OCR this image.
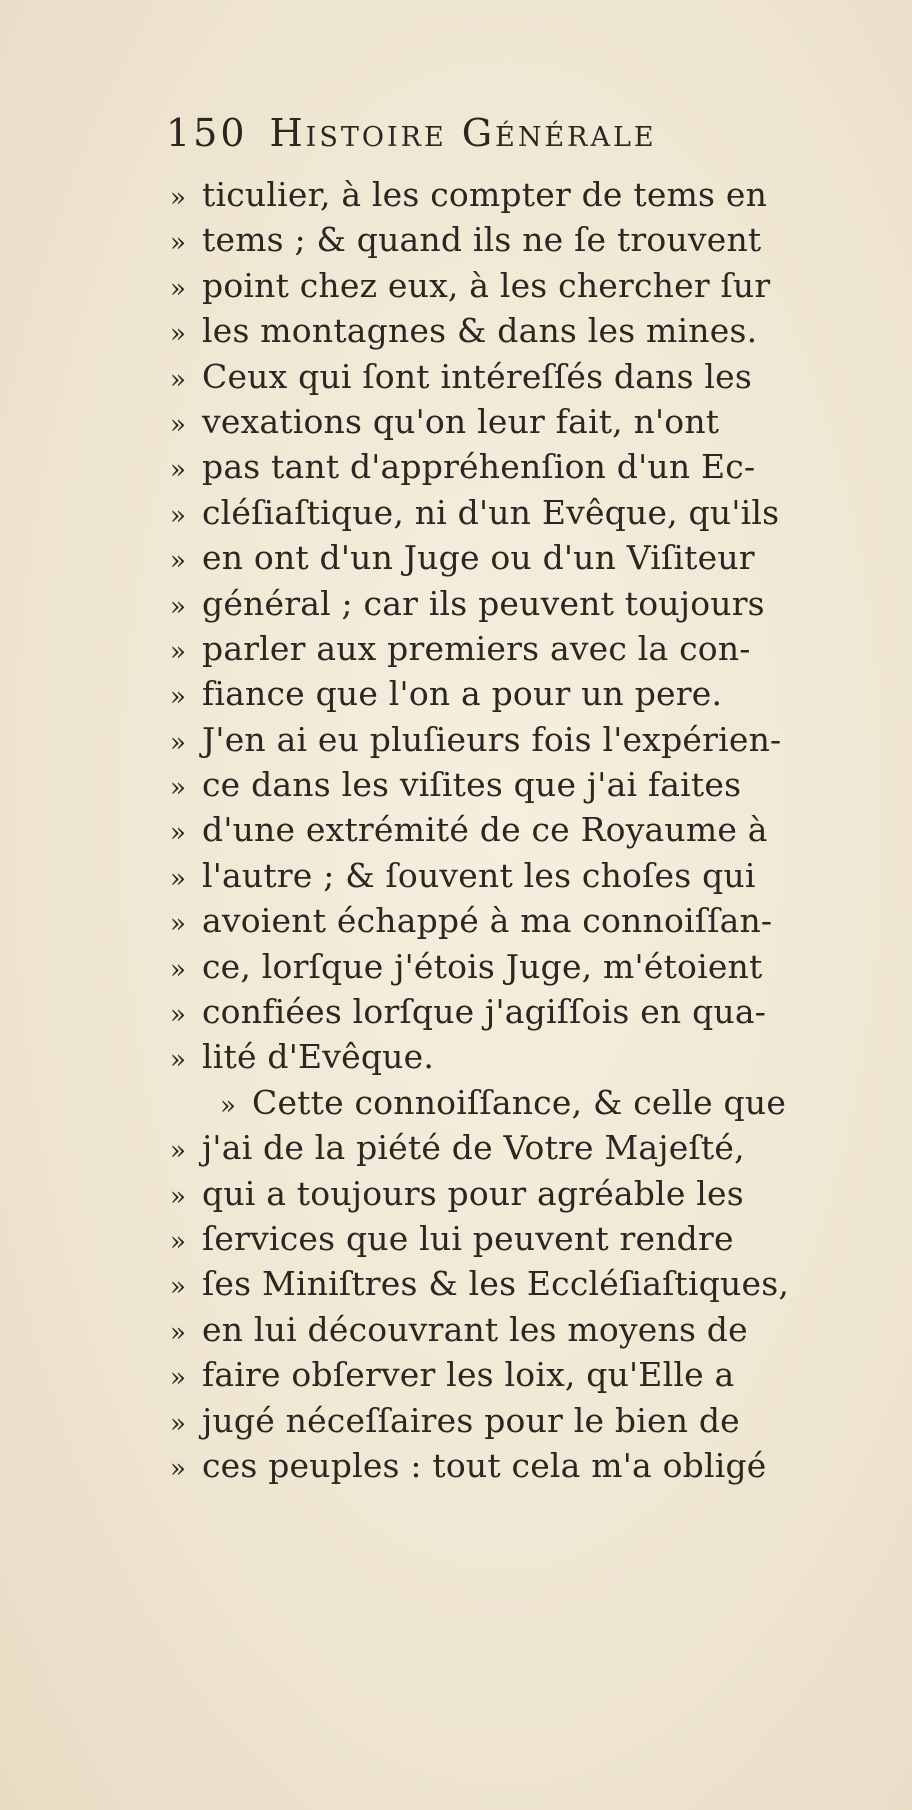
150 Histoire Générale
» ticulier, à les compter de tems en
» tems ; & quand ils ne ſe trouvent
» point chez eux, à les chercher ſur
» les montagnes & dans les mines.
» Ceux qui ſont intéreſſés dans les
» vexations qu'on leur fait, n'ont
» pas tant d'appréhenſion d'un Ec-
» cléſiaſtique, ni d'un Evêque, qu'ils
» en ont d'un Juge ou d'un Viſiteur
» général ; car ils peuvent toujours
» parler aux premiers avec la con-
» fiance que l'on a pour un pere.
» J'en ai eu pluſieurs fois l'expérien-
» ce dans les viſites que j'ai faites
» d'une extrémité de ce Royaume à
» l'autre ; & ſouvent les choſes qui
» avoient échappé à ma connoiſſan-
» ce, lorſque j'étois Juge, m'étoient
» confiées lorſque j'agiſſois en qua-
» lité d'Evêque.
» Cette connoiſſance, & celle que
» j'ai de la piété de Votre Majeſté,
» qui a toujours pour agréable les
» ſervices que lui peuvent rendre
» ſes Miniſtres & les Eccléſiaſtiques,
» en lui découvrant les moyens de
» faire obſerver les loix, qu'Elle a
» jugé néceſſaires pour le bien de
» ces peuples : tout cela m'a obligé
